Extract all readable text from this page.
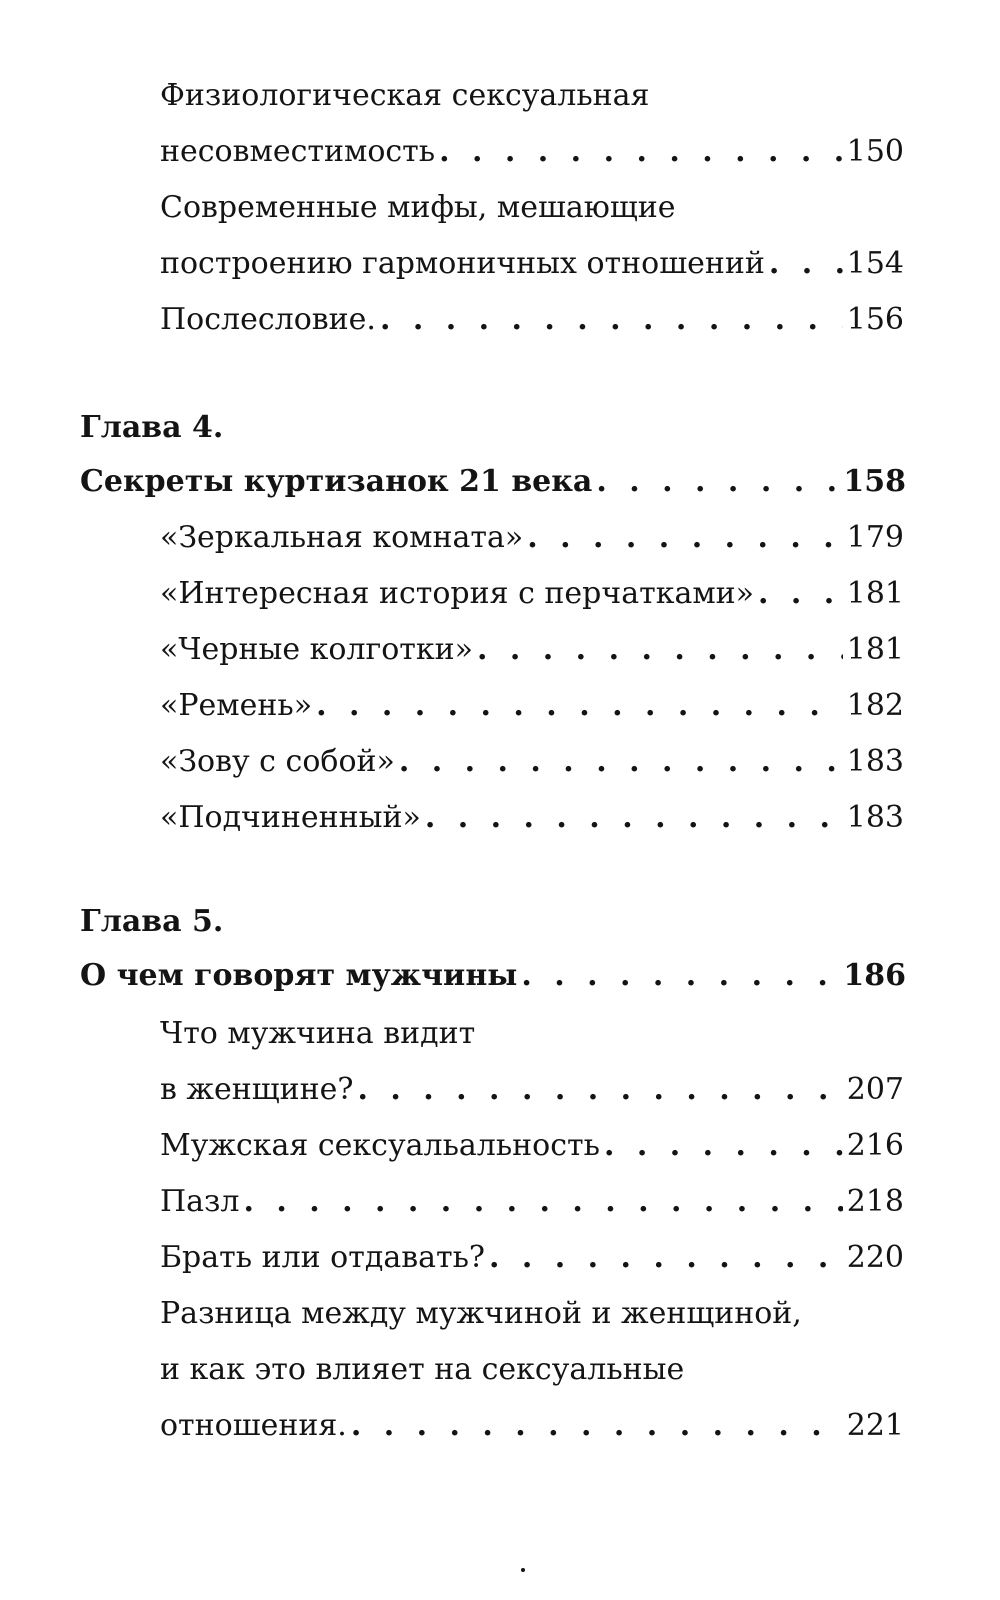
Физиологическая сексуальная
несовместимость . . .	150
Современные мифы, мешающие
построению гармоничных отношений . . .	154
Послесловие. . . .	156
Глава 4.
Секреты куртизанок 21 века . . .	158
«Зеркальная комната» . . .	179
«Интересная история с перчатками» . . .	181
«Черные колготки» . . .	181
«Ремень» . . .	182
«Зову с собой» . . .	183
«Подчиненный» . . .	183
Глава 5.
О чем говорят мужчины . . .	186
Что мужчина видит
в женщине? . . .	207
Мужская сексуальальность . . .	216
Пазл . . .	218
Брать или отдавать? . . .	220
Разница между мужчиной и женщиной,
и как это влияет на сексуальные
отношения. . . .	221
